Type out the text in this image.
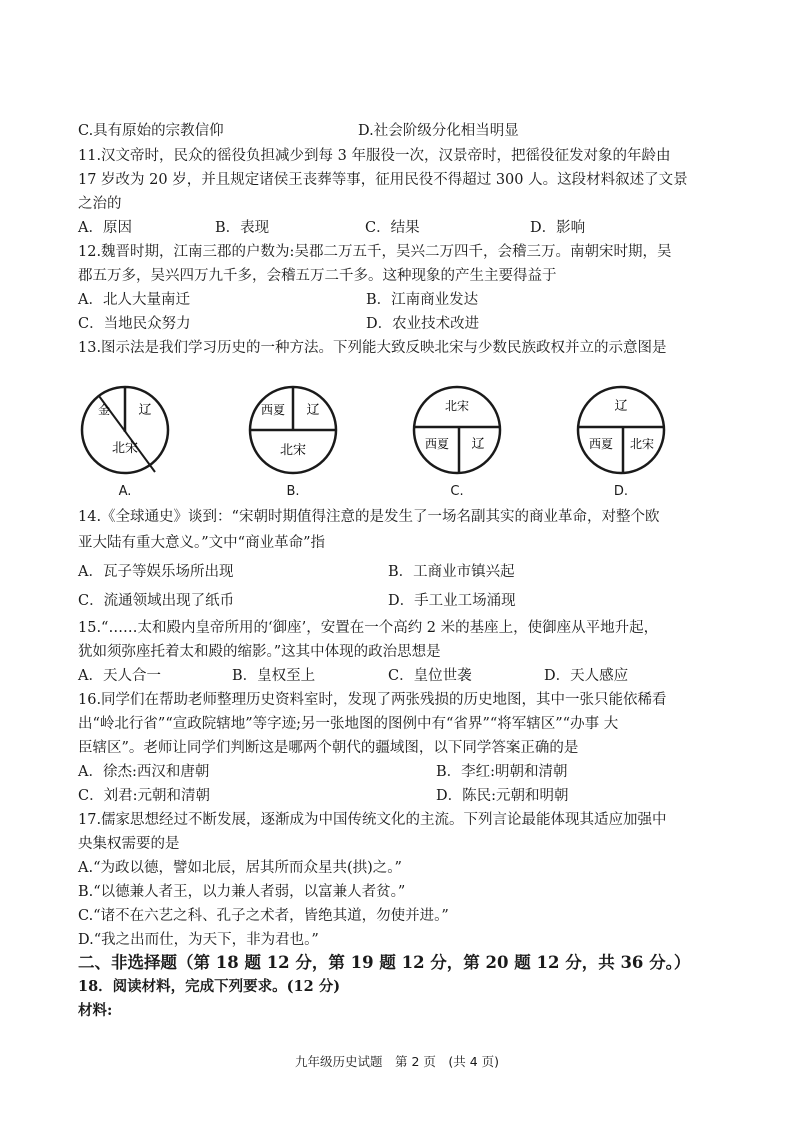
C.具有原始的宗教信仰	D.社会阶级分化相当明显
11.汉文帝时，民众的徭役负担减少到每 3 年服役一次，汉景帝时，把徭役征发对象的年龄由
17 岁改为 20 岁，并且规定诸侯王丧葬等事，征用民役不得超过 300 人。这段材料叙述了文景
之治的
A．原因	B．表现	C．结果	D．影响
12.魏晋时期，江南三郡的户数为:吴郡二万五千，吴兴二万四千，会稽三万。南朝宋时期，吴
郡五万多，吴兴四万九千多，会稽五万二千多。这种现象的产生主要得益于
A．北人大量南迁	B．江南商业发达
C．当地民众努力	D．农业技术改进
13.图示法是我们学习历史的一种方法。下列能大致反映北宋与少数民族政权并立的示意图是
金 辽
北宋
A.
西夏 辽
北宋
B.
北宋
西夏 辽
C.
辽
西夏 北宋
D.
14.《全球通史》谈到：“宋朝时期值得注意的是发生了一场名副其实的商业革命，对整个欧
亚大陆有重大意义。”文中“商业革命”指
A．瓦子等娱乐场所出现	B．工商业市镇兴起
C．流通领域出现了纸币	D．手工业工场涌现
15.“……太和殿内皇帝所用的‘御座’，安置在一个高约 2 米的基座上，使御座从平地升起，
犹如须弥座托着太和殿的缩影。”这其中体现的政治思想是
A．天人合一	B．皇权至上	C．皇位世袭	D．天人感应
16.同学们在帮助老师整理历史资料室时，发现了两张残损的历史地图，其中一张只能依稀看
出“岭北行省”“宣政院辖地”等字迹;另一张地图的图例中有“省界”“将军辖区”“办事 大
臣辖区”。老师让同学们判断这是哪两个朝代的疆域图，以下同学答案正确的是
A．徐杰:西汉和唐朝	B．李红:明朝和清朝
C．刘君:元朝和清朝	D．陈民:元朝和明朝
17.儒家思想经过不断发展，逐渐成为中国传统文化的主流。下列言论最能体现其适应加强中
央集权需要的是
A.“为政以德，譬如北辰，居其所而众星共(拱)之。”
B.“以德兼人者王，以力兼人者弱，以富兼人者贫。”
C.“诸不在六艺之科、孔子之术者，皆绝其道，勿使并进。”
D.“我之出而仕，为天下，非为君也。”
二、非选择题（第 18 题 12 分，第 19 题 12 分，第 20 题 12 分，共 36 分。）
18．阅读材料，完成下列要求。(12 分)
材料:
九年级历史试题　第 2 页　(共 4 页)
